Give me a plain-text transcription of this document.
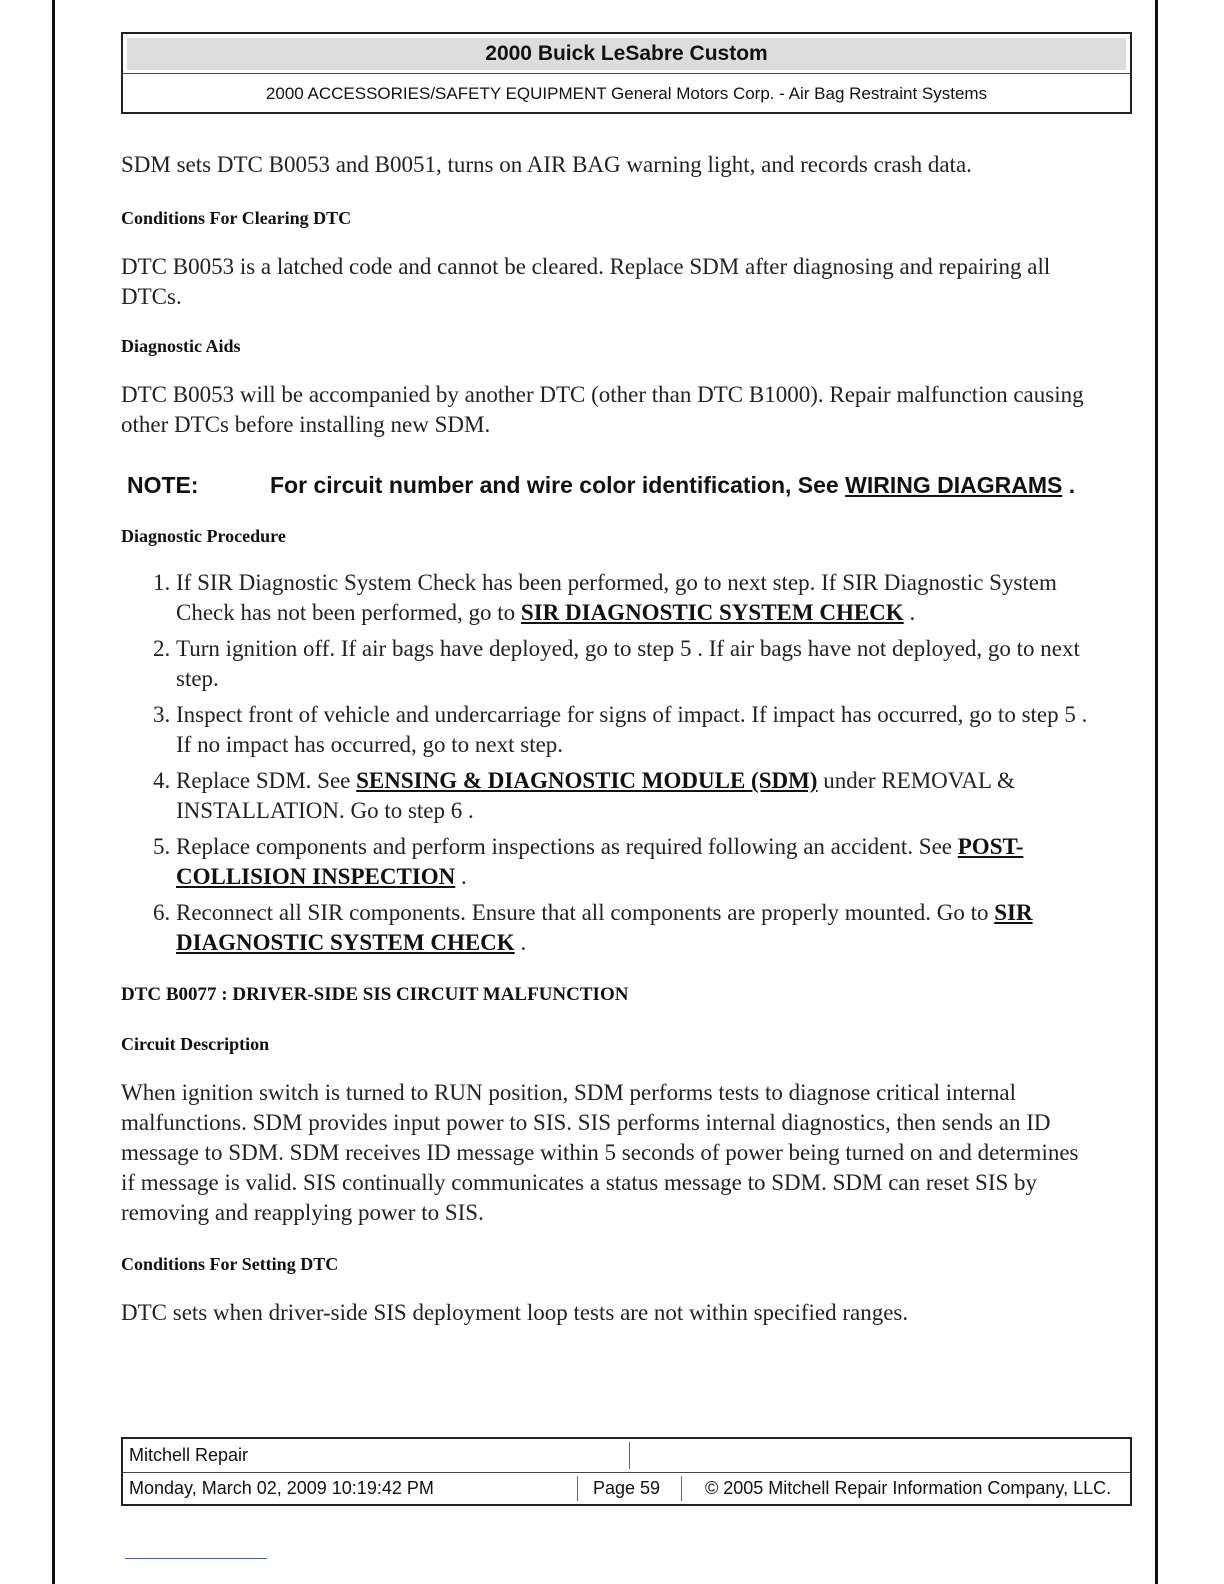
2000 Buick LeSabre Custom
2000 ACCESSORIES/SAFETY EQUIPMENT General Motors Corp. - Air Bag Restraint Systems

SDM sets DTC B0053 and B0051, turns on AIR BAG warning light, and records crash data.

Conditions For Clearing DTC

DTC B0053 is a latched code and cannot be cleared. Replace SDM after diagnosing and repairing all DTCs.

Diagnostic Aids

DTC B0053 will be accompanied by another DTC (other than DTC B1000). Repair malfunction causing other DTCs before installing new SDM.

NOTE:	For circuit number and wire color identification, See WIRING DIAGRAMS .
Diagnostic Procedure
1. If SIR Diagnostic System Check has been performed, go to next step. If SIR Diagnostic System Check has not been performed, go to SIR DIAGNOSTIC SYSTEM CHECK .
2. Turn ignition off. If air bags have deployed, go to step 5 . If air bags have not deployed, go to next step.
3. Inspect front of vehicle and undercarriage for signs of impact. If impact has occurred, go to step 5 . If no impact has occurred, go to next step.
4. Replace SDM. See SENSING & DIAGNOSTIC MODULE (SDM) under REMOVAL & INSTALLATION. Go to step 6 .
5. Replace components and perform inspections as required following an accident. See POST-COLLISION INSPECTION .
6. Reconnect all SIR components. Ensure that all components are properly mounted. Go to SIR DIAGNOSTIC SYSTEM CHECK .
DTC B0077 : DRIVER-SIDE SIS CIRCUIT MALFUNCTION
Circuit Description

When ignition switch is turned to RUN position, SDM performs tests to diagnose critical internal malfunctions. SDM provides input power to SIS. SIS performs internal diagnostics, then sends an ID message to SDM. SDM receives ID message within 5 seconds of power being turned on and determines if message is valid. SIS continually communicates a status message to SDM. SDM can reset SIS by removing and reapplying power to SIS.

Conditions For Setting DTC

DTC sets when driver-side SIS deployment loop tests are not within specified ranges.

Mitchell Repair
Monday, March 02, 2009 10:19:42 PM	Page 59 © 2005 Mitchell Repair Information Company, LLC.
